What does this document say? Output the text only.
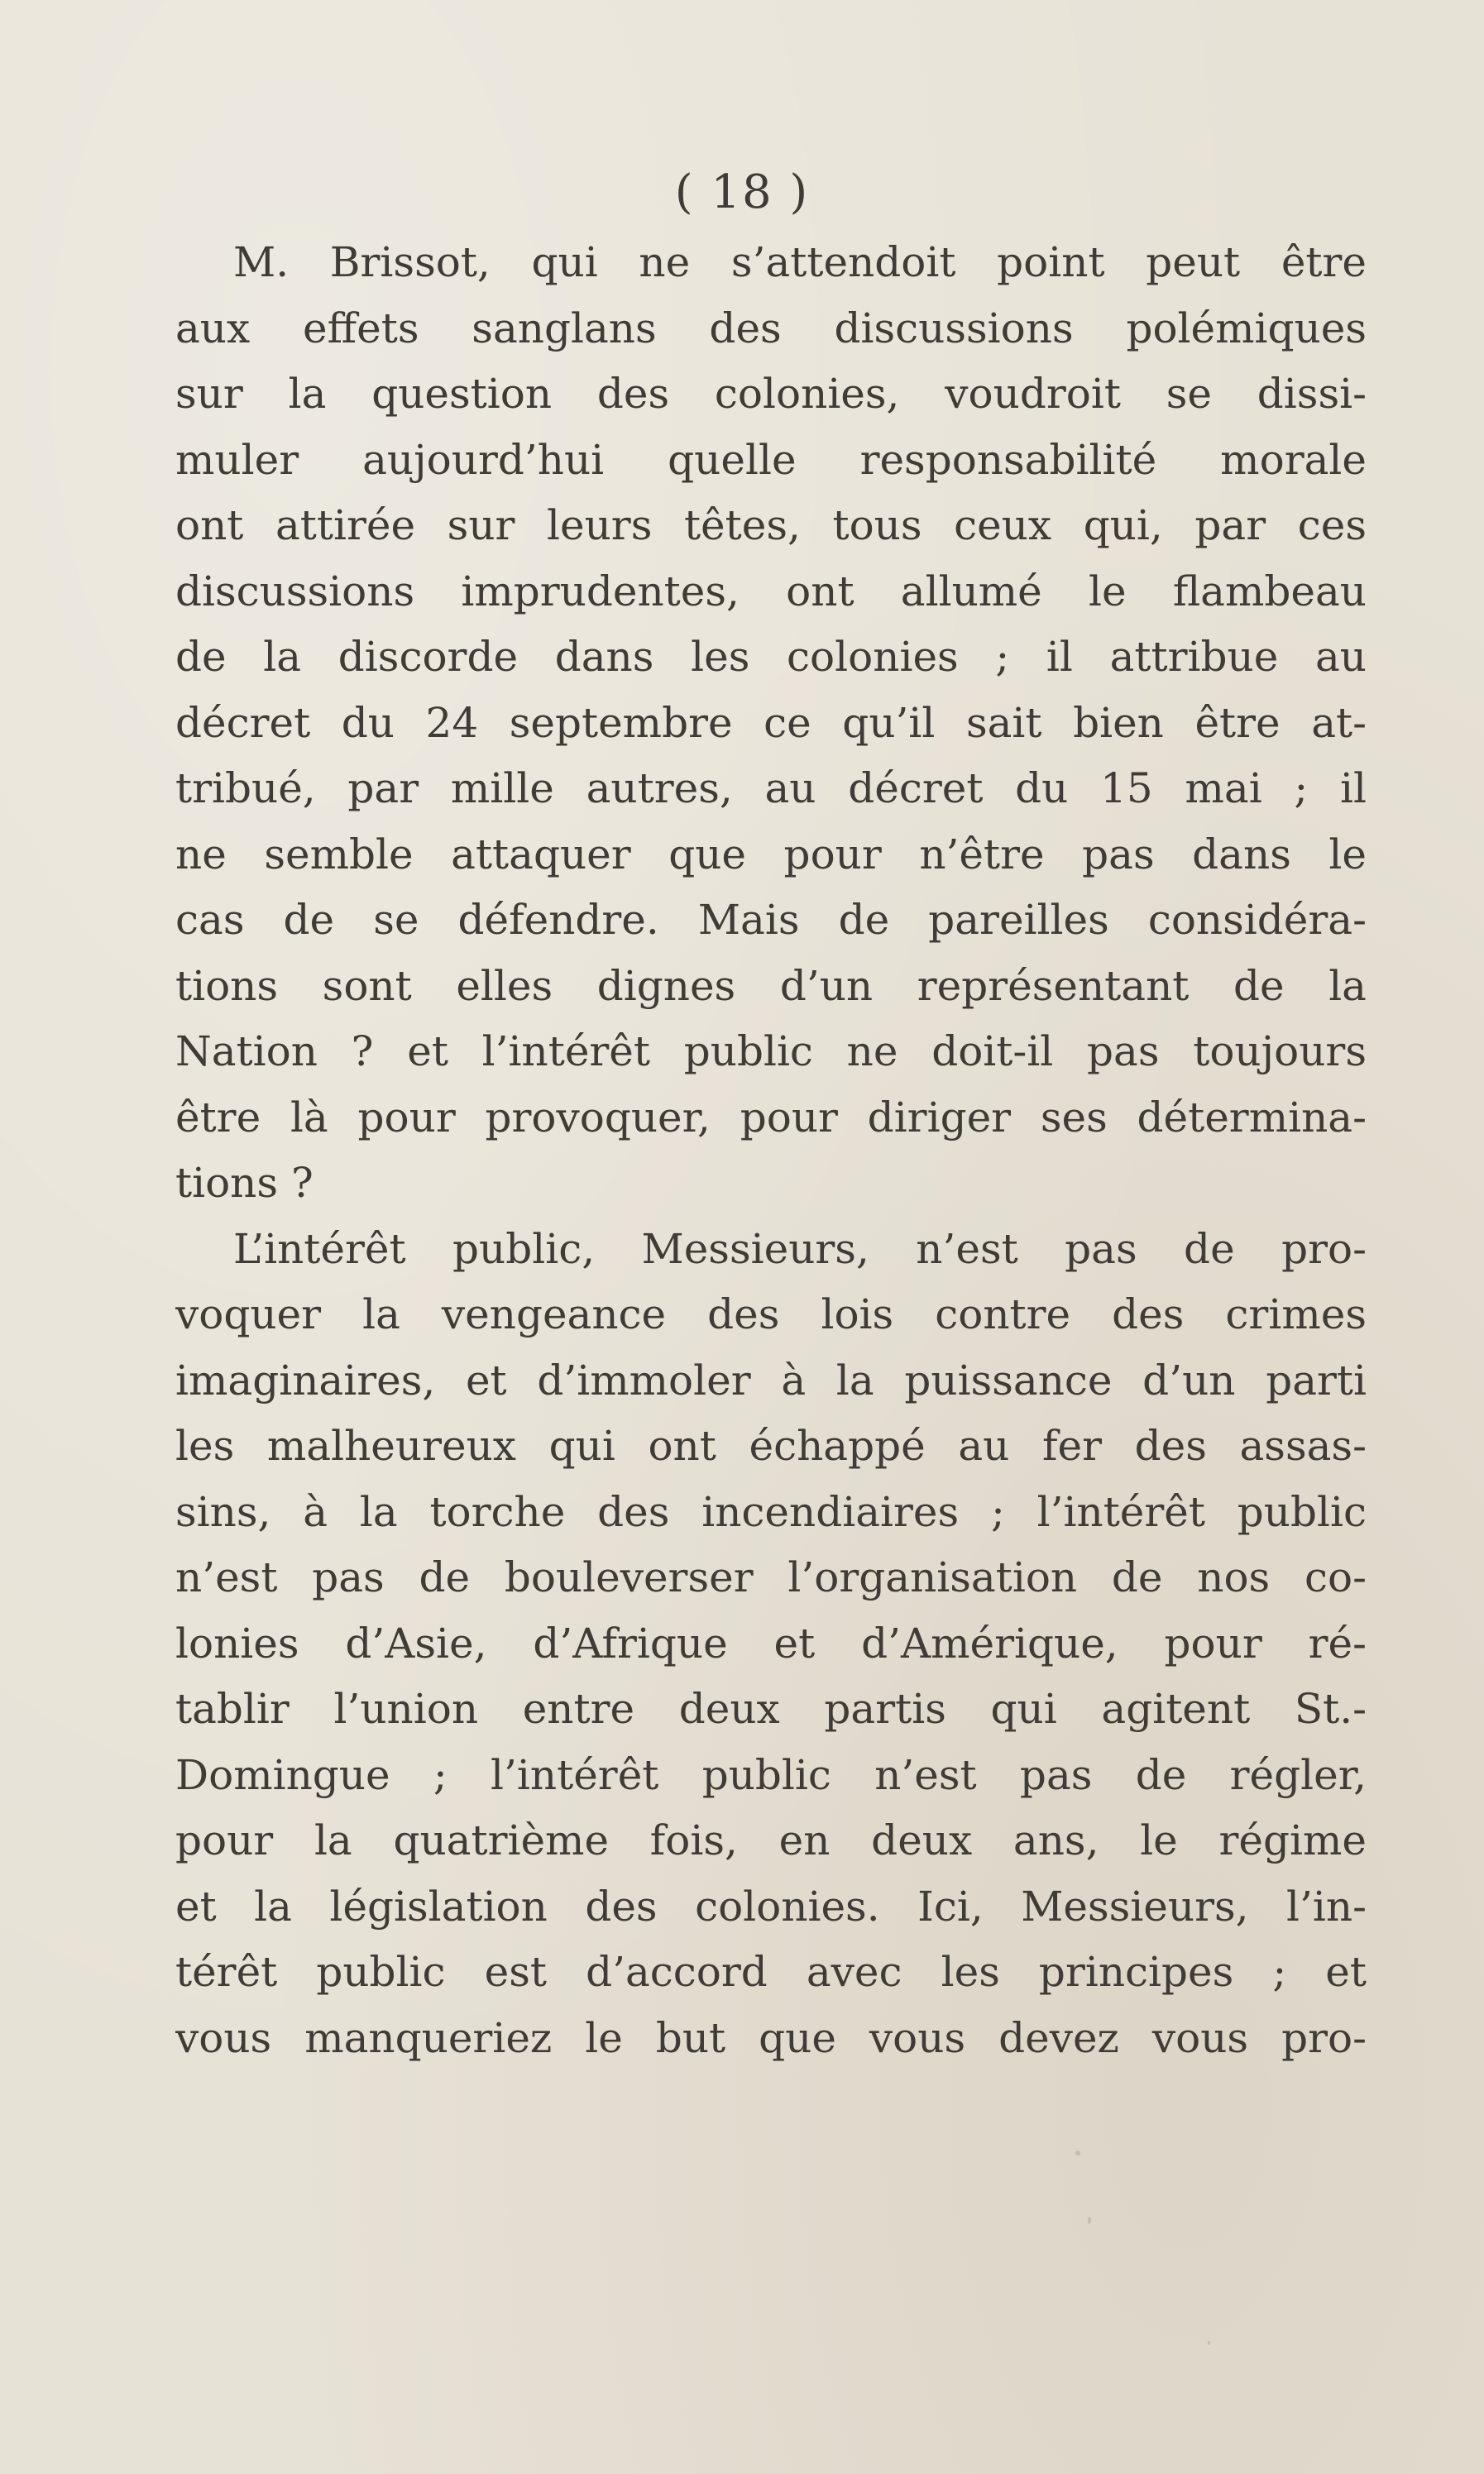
( 18 )
M. Brissot, qui ne s’attendoit point peut être
aux effets sanglans des discussions polémiques
sur la question des colonies, voudroit se dissi-
muler aujourd’hui quelle responsabilité morale
ont attirée sur leurs têtes, tous ceux qui, par ces
discussions imprudentes, ont allumé le flambeau
de la discorde dans les colonies ; il attribue au
décret du 24 septembre ce qu’il sait bien être at-
tribué, par mille autres, au décret du 15 mai ; il
ne semble attaquer que pour n’être pas dans le
cas de se défendre. Mais de pareilles considéra-
tions sont elles dignes d’un représentant de la
Nation ? et l’intérêt public ne doit-il pas toujours
être là pour provoquer, pour diriger ses détermina-
tions ?
L’intérêt public, Messieurs, n’est pas de pro-
voquer la vengeance des lois contre des crimes
imaginaires, et d’immoler à la puissance d’un parti
les malheureux qui ont échappé au fer des assas-
sins, à la torche des incendiaires ; l’intérêt public
n’est pas de bouleverser l’organisation de nos co-
lonies d’Asie, d’Afrique et d’Amérique, pour ré-
tablir l’union entre deux partis qui agitent St.-
Domingue ; l’intérêt public n’est pas de régler,
pour la quatrième fois, en deux ans, le régime
et la législation des colonies. Ici, Messieurs, l’in-
térêt public est d’accord avec les principes ; et
vous manqueriez le but que vous devez vous pro-
